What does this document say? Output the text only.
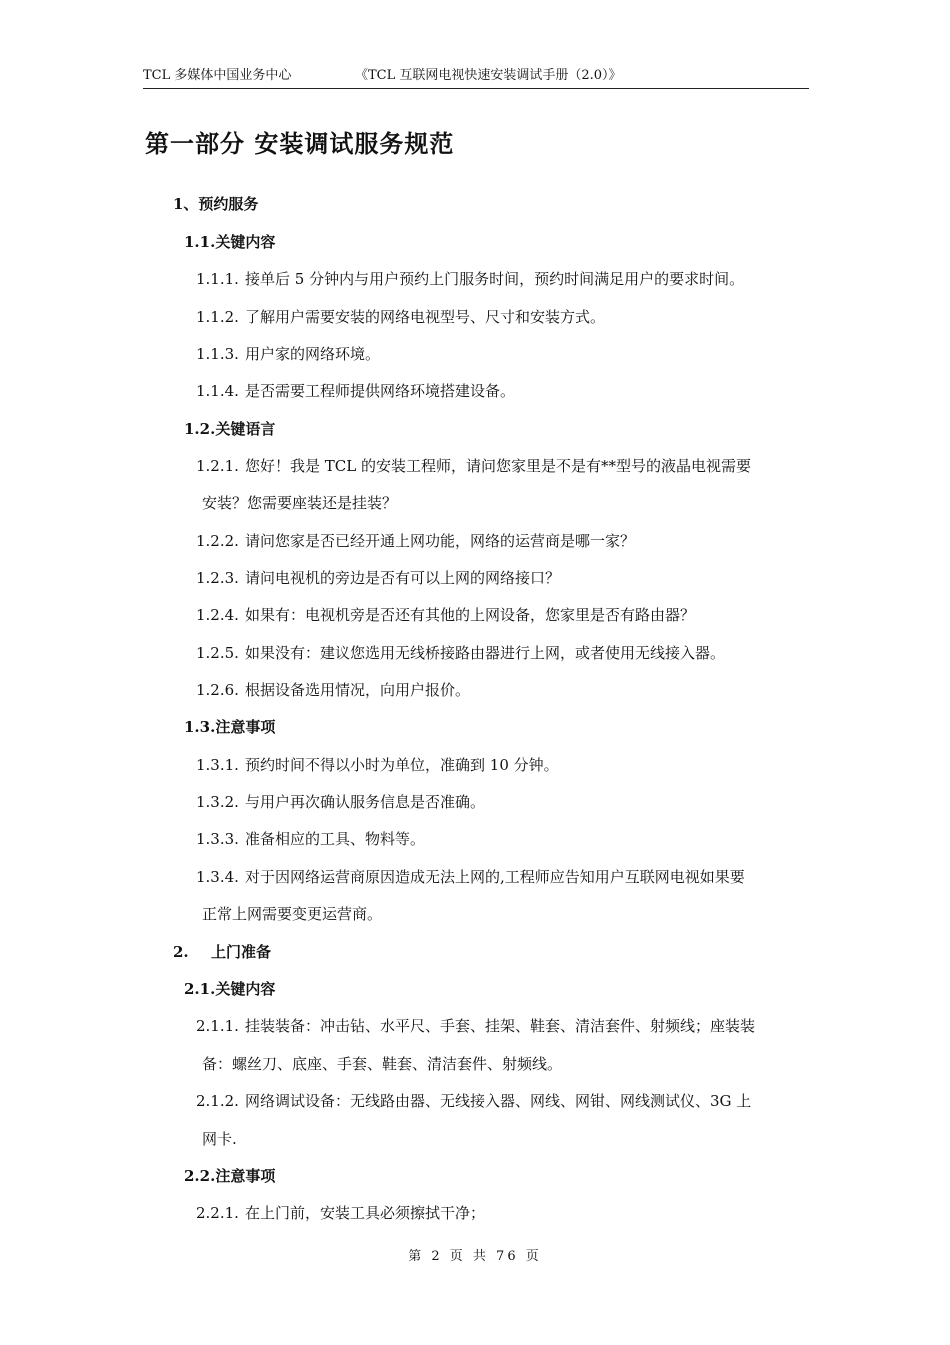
TCL 多媒体中国业务中心	《TCL 互联网电视快速安装调试手册（2.0）》
第一部分 安装调试服务规范
1、预约服务
1.1.关键内容
1.1.1. 接单后 5 分钟内与用户预约上门服务时间，预约时间满足用户的要求时间。
1.1.2. 了解用户需要安装的网络电视型号、尺寸和安装方式。
1.1.3. 用户家的网络环境。
1.1.4. 是否需要工程师提供网络环境搭建设备。
1.2.关键语言
1.2.1. 您好！我是 TCL 的安装工程师，请问您家里是不是有**型号的液晶电视需要
安装？您需要座装还是挂装？
1.2.2. 请问您家是否已经开通上网功能，网络的运营商是哪一家？
1.2.3. 请问电视机的旁边是否有可以上网的网络接口？
1.2.4. 如果有：电视机旁是否还有其他的上网设备，您家里是否有路由器？
1.2.5. 如果没有：建议您选用无线桥接路由器进行上网，或者使用无线接入器。
1.2.6. 根据设备选用情况，向用户报价。
1.3.注意事项
1.3.1. 预约时间不得以小时为单位，准确到 10 分钟。
1.3.2. 与用户再次确认服务信息是否准确。
1.3.3. 准备相应的工具、物料等。
1.3.4. 对于因网络运营商原因造成无法上网的,工程师应告知用户互联网电视如果要
正常上网需要变更运营商。
2. 上门准备
2.1.关键内容
2.1.1. 挂装装备：冲击钻、水平尺、手套、挂架、鞋套、清洁套件、射频线；座装装
备：螺丝刀、底座、手套、鞋套、清洁套件、射频线。
2.1.2. 网络调试设备：无线路由器、无线接入器、网线、网钳、网线测试仪、3G 上
网卡.
2.2.注意事项
2.2.1. 在上门前，安装工具必须擦拭干净；
第 2 页 共 76 页
